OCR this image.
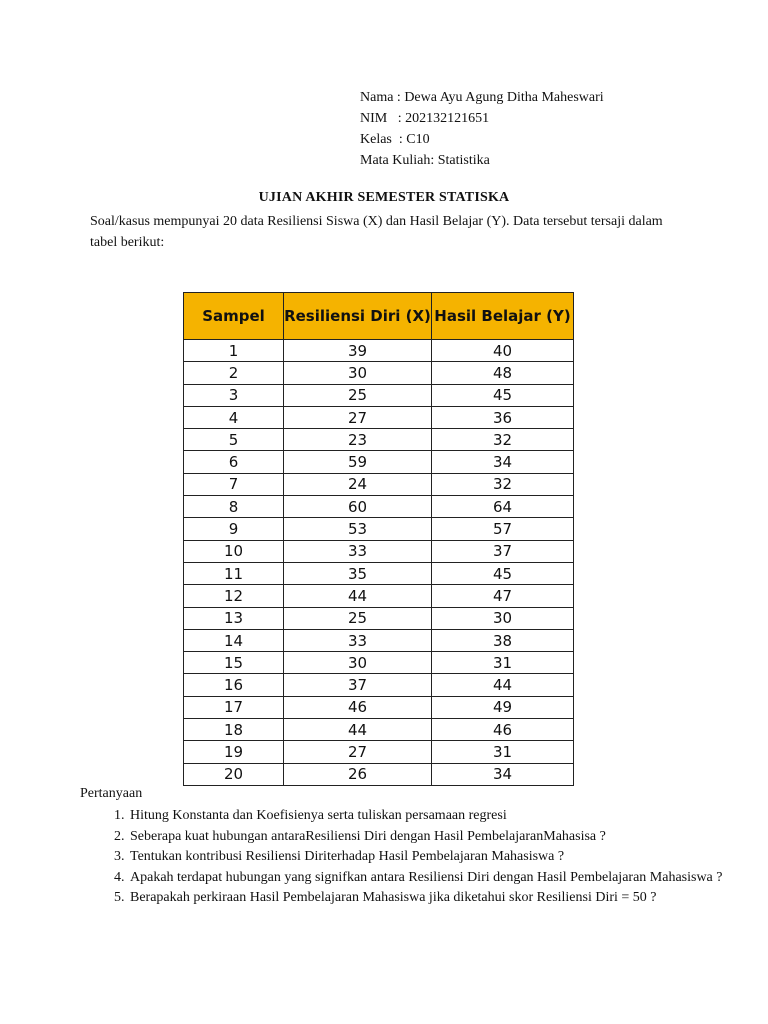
Nama : Dewa Ayu Agung Ditha Maheswari
NIM   : 202132121651
Kelas  : C10
Mata Kuliah: Statistika
UJIAN AKHIR SEMESTER STATISKA
Soal/kasus mempunyai 20 data Resiliensi Siswa (X) dan Hasil Belajar (Y). Data tersebut tersaji dalam tabel berikut:
Sampel	Resiliensi Diri (X)	Hasil Belajar (Y)
1	39	40
2	30	48
3	25	45
4	27	36
5	23	32
6	59	34
7	24	32
8	60	64
9	53	57
10	33	37
11	35	45
12	44	47
13	25	30
14	33	38
15	30	31
16	37	44
17	46	49
18	44	46
19	27	31
20	26	34
Pertanyaan
1. Hitung Konstanta dan Koefisienya serta tuliskan persamaan regresi
2. Seberapa kuat hubungan antaraResiliensi Diri dengan Hasil PembelajaranMahasisa ?
3. Tentukan kontribusi Resiliensi Diriterhadap Hasil Pembelajaran Mahasiswa ?
4. Apakah terdapat hubungan yang signifkan antara Resiliensi Diri dengan Hasil Pembelajaran Mahasiswa ?
5. Berapakah perkiraan Hasil Pembelajaran Mahasiswa jika diketahui skor Resiliensi Diri = 50 ?
